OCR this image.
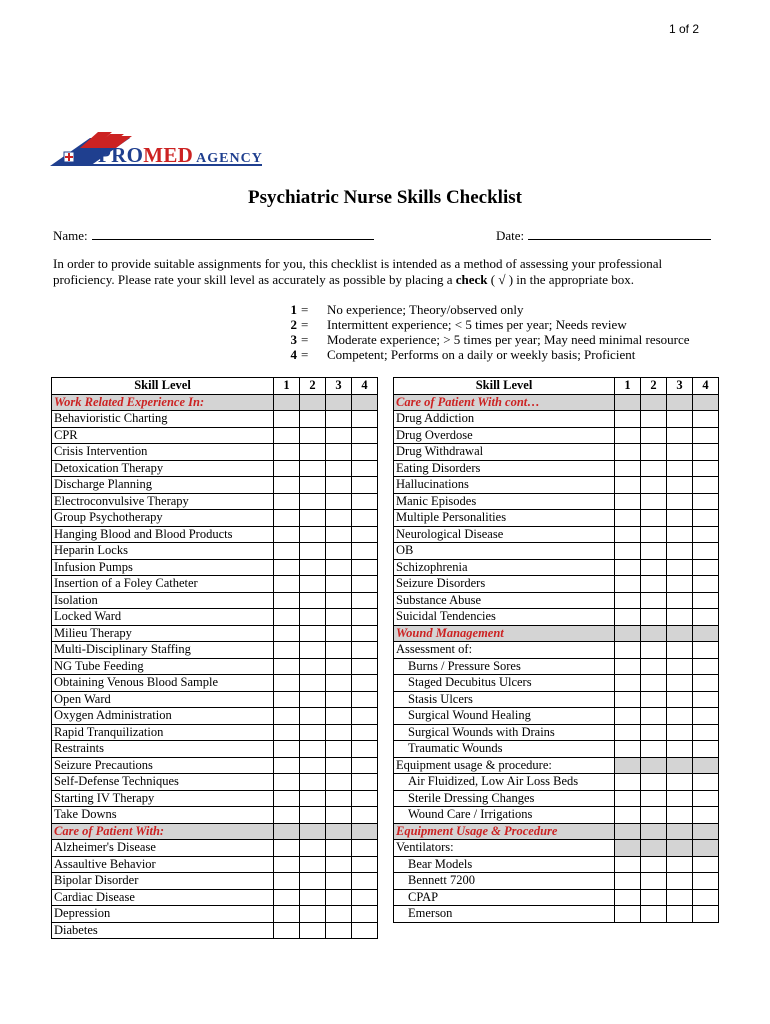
1 of 2
PROMED AGENCY
Psychiatric Nurse Skills Checklist
Name:	Date:
In order to provide suitable assignments for you, this checklist is intended as a method of assessing your professional proficiency. Please rate your skill level as accurately as possible by placing a check ( √ ) in the appropriate box.
1 =	No experience; Theory/observed only
2 =	Intermittent experience; < 5 times per year; Needs review
3 =	Moderate experience; > 5 times per year; May need minimal resource
4 =	Competent; Performs on a daily or weekly basis; Proficient
Skill Level	1	2	3	4
Work Related Experience In:				
Behavioristic Charting				
CPR				
Crisis Intervention				
Detoxication Therapy				
Discharge Planning				
Electroconvulsive Therapy				
Group Psychotherapy				
Hanging Blood and Blood Products				
Heparin Locks				
Infusion Pumps				
Insertion of a Foley Catheter				
Isolation				
Locked Ward				
Milieu Therapy				
Multi-Disciplinary Staffing				
NG Tube Feeding				
Obtaining Venous Blood Sample				
Open Ward				
Oxygen Administration				
Rapid Tranquilization				
Restraints				
Seizure Precautions				
Self-Defense Techniques				
Starting IV Therapy				
Take Downs				
Care of Patient With:				
Alzheimer's Disease				
Assaultive Behavior				
Bipolar Disorder				
Cardiac Disease				
Depression				
Diabetes				
Skill Level	1	2	3	4
Care of Patient With cont…				
Drug Addiction				
Drug Overdose				
Drug Withdrawal				
Eating Disorders				
Hallucinations				
Manic Episodes				
Multiple Personalities				
Neurological Disease				
OB				
Schizophrenia				
Seizure Disorders				
Substance Abuse				
Suicidal Tendencies				
Wound Management				
Assessment of:				
Burns / Pressure Sores				
Staged Decubitus Ulcers				
Stasis Ulcers				
Surgical Wound Healing				
Surgical Wounds with Drains				
Traumatic Wounds				
Equipment usage & procedure:				
Air Fluidized, Low Air Loss Beds				
Sterile Dressing Changes				
Wound Care / Irrigations				
Equipment Usage & Procedure				
Ventilators:				
Bear Models				
Bennett 7200				
CPAP				
Emerson				
